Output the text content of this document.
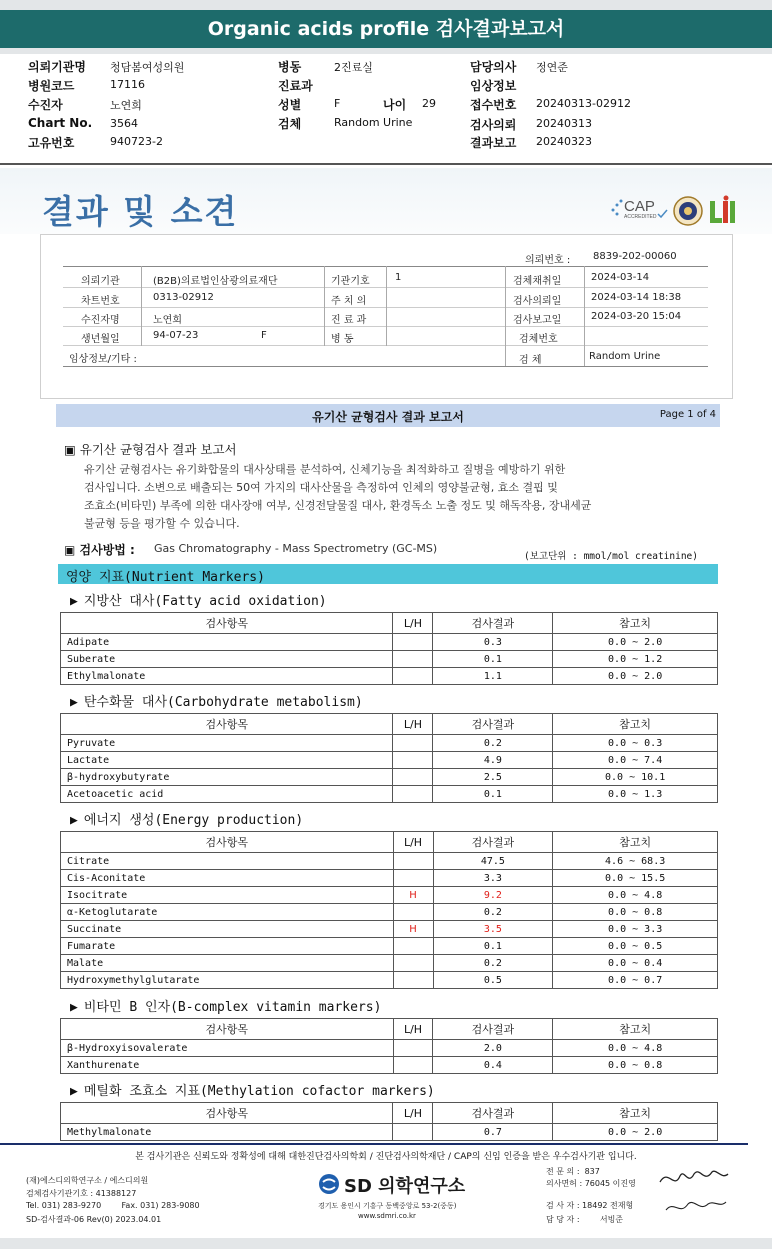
Organic acids profile 검사결과보고서
의뢰기관명 청담봄여성의원
병원코드	17116
수진자	노연희
Chart No. 3564
고유번호	940723-2
병동	2진료실
진료과
성별	F	나이 29
검체	Random Urine
담당의사 정연준
임상정보
접수번호 20240313-02912
검사의뢰 20240313
결과보고 20240323
결과 및 소견	CAP
ACCREDITED
LM
의뢰번호 : 8839-202-00060
의뢰기관	(B2B)의료법인삼광의료재단	기관기호	1	검체채취일	2024-03-14
차트번호	0313-02912	주 치 의	검사의뢰일	2024-03-14 18:38
수진자명	노연희	진 료 과	검사보고일	2024-03-20 15:04
생년월일	94-07-23	F	병 동	검체번호
임상정보/기타 :	검 체	Random Urine
유기산 균형검사 결과 보고서	Page 1 of 4
▣ 유기산 균형검사 결과 보고서
유기산 균형검사는 유기화합물의 대사상태를 분석하여, 신체기능을 최적화하고 질병을 예방하기 위한
검사입니다. 소변으로 배출되는 50여 가지의 대사산물을 측정하여 인체의 영양불균형, 효소 결핍 및
조효소(비타민) 부족에 의한 대사장애 여부, 신경전달물질 대사, 환경독소 노출 정도 및 해독작용, 장내세균
불균형 등을 평가할 수 있습니다.
▣ 검사방법 : Gas Chromatography - Mass Spectrometry (GC-MS)
(보고단위 : mmol/mol creatinine)
영양 지표(Nutrient Markers)
▶ 지방산 대사(Fatty acid oxidation)
검사항목	L/H	검사결과	참고치
Adipate		0.3	0.0 ~ 2.0
Suberate		0.1	0.0 ~ 1.2
Ethylmalonate		1.1	0.0 ~ 2.0
▶ 탄수화물 대사(Carbohydrate metabolism)
검사항목	L/H	검사결과	참고치
Pyruvate		0.2	0.0 ~ 0.3
Lactate		4.9	0.0 ~ 7.4
β-hydroxybutyrate		2.5	0.0 ~ 10.1
Acetoacetic acid		0.1	0.0 ~ 1.3
▶ 에너지 생성(Energy production)
검사항목	L/H	검사결과	참고치
Citrate		47.5	4.6 ~ 68.3
Cis-Aconitate		3.3	0.0 ~ 15.5
Isocitrate	H	9.2	0.0 ~ 4.8
α-Ketoglutarate		0.2	0.0 ~ 0.8
Succinate	H	3.5	0.0 ~ 3.3
Fumarate		0.1	0.0 ~ 0.5
Malate		0.2	0.0 ~ 0.4
Hydroxymethylglutarate		0.5	0.0 ~ 0.7
▶ 비타민 B 인자(B-complex vitamin markers)
검사항목	L/H	검사결과	참고치
β-Hydroxyisovalerate		2.0	0.0 ~ 4.8
Xanthurenate		0.4	0.0 ~ 0.8
▶ 메틸화 조효소 지표(Methylation cofactor markers)
검사항목	L/H	검사결과	참고치
Methylmalonate		0.7	0.0 ~ 2.0
본 검사기관은 신뢰도와 정확성에 대해 대한진단검사의학회 / 진단검사의학재단 / CAP의 신임 인증을 받은 우수검사기관 입니다.
(재)에스디의학연구소 / 에스디의원
검체검사기관기호 : 41388127
Tel. 031) 283-9270        Fax. 031) 283-9080
SD-검사결과-06 Rev(0) 2023.04.01
SD 의학연구소
경기도 용인시 기흥구 동백중앙로 53-2(중동)
www.sdmri.co.kr
전 문 의 :  837
의사면허 : 76045 이진영
검 사 자 : 18492 전재형
담 당 자 :        서빙준
